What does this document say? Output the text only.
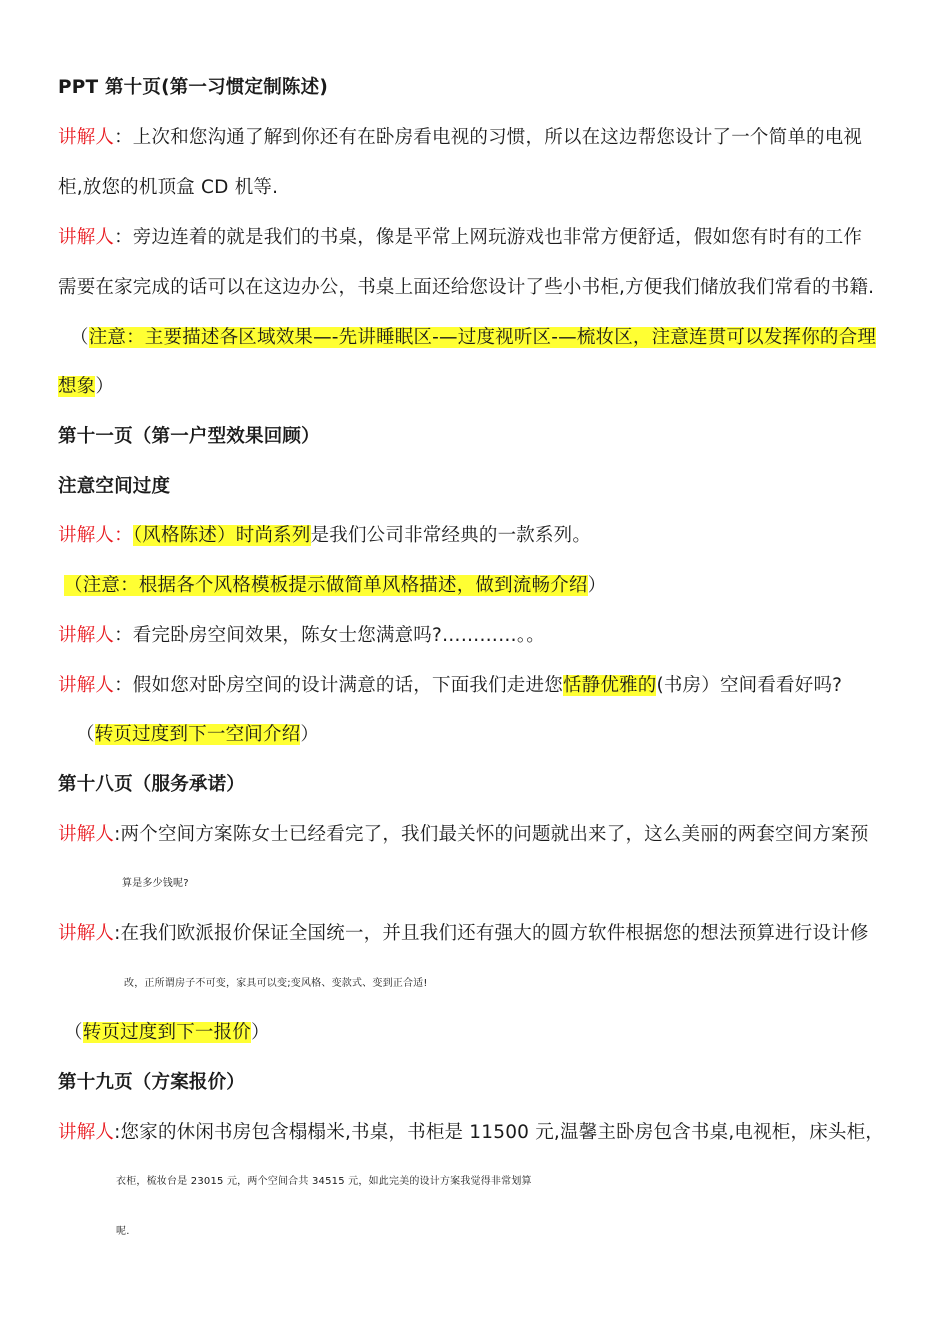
PPT 第十页(第一习惯定制陈述)
讲解人：上次和您沟通了解到你还有在卧房看电视的习惯，所以在这边帮您设计了一个简单的电视
柜,放您的机顶盒 CD 机等.
讲解人：旁边连着的就是我们的书桌，像是平常上网玩游戏也非常方便舒适，假如您有时有的工作
需要在家完成的话可以在这边办公，书桌上面还给您设计了些小书柜,方便我们储放我们常看的书籍.
（注意：主要描述各区域效果—-先讲睡眠区-—过度视听区-—梳妆区，注意连贯可以发挥你的合理
想象）
第十一页（第一户型效果回顾）
注意空间过度
讲解人：（风格陈述）时尚系列是我们公司非常经典的一款系列。
（注意：根据各个风格模板提示做简单风格描述，做到流畅介绍）
讲解人：看完卧房空间效果，陈女士您满意吗?…………。。
讲解人：假如您对卧房空间的设计满意的话，下面我们走进您恬静优雅的(书房）空间看看好吗?
（转页过度到下一空间介绍）
第十八页（服务承诺）
讲解人:两个空间方案陈女士已经看完了，我们最关怀的问题就出来了，这么美丽的两套空间方案预
算是多少钱呢?
讲解人:在我们欧派报价保证全国统一，并且我们还有强大的圆方软件根据您的想法预算进行设计修
改，正所谓房子不可变，家具可以变;变风格、变款式、变到正合适!
（转页过度到下一报价）
第十九页（方案报价）
讲解人:您家的休闲书房包含榻榻米,书桌，书柜是 11500 元,温馨主卧房包含书桌,电视柜，床头柜，
衣柜，梳妆台是 23015 元，两个空间合共 34515 元，如此完美的设计方案我觉得非常划算
呢.
